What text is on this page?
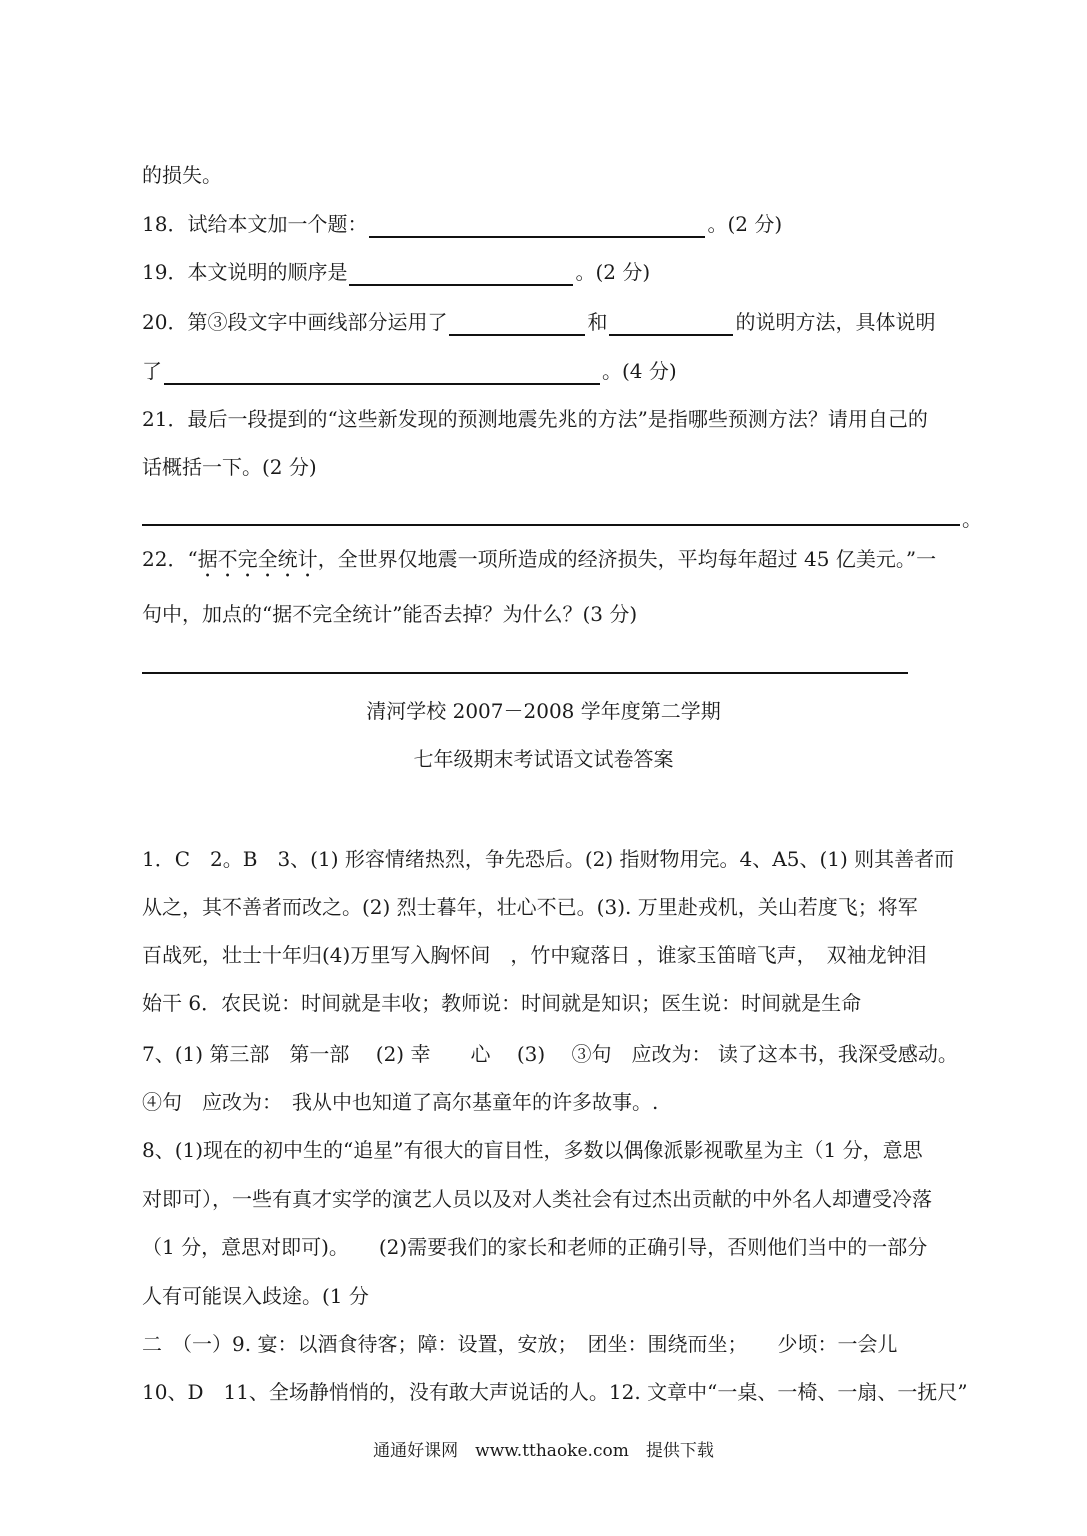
的损失。
18．试给本文加一个题：	。(2 分)
19．本文说明的顺序是	。(2 分)
20．第③段文字中画线部分运用了	和	的说明方法，具体说明
了	。(4 分)
21．最后一段提到的“这些新发现的预测地震先兆的方法”是指哪些预测方法？请用自己的
话概括一下。(2 分)
。
22．“据不完全统计，全世界仅地震一项所造成的经济损失，平均每年超过 45 亿美元。”一
句中，加点的“据不完全统计”能否去掉？为什么？(3 分)
清河学校 2007－2008 学年度第二学期
七年级期末考试语文试卷答案
1．C　2。B　3、(1) 形容情绪热烈，争先恐后。(2) 指财物用完。4、A5、(1) 则其善者而
从之，其不善者而改之。(2) 烈士暮年，壮心不已。(3). 万里赴戎机，关山若度飞；将军
百战死，壮士十年归(4)万里写入胸怀间　，竹中窥落日 ，谁家玉笛暗飞声，　双袖龙钟泪
始干 6．农民说：时间就是丰收；教师说：时间就是知识；医生说：时间就是生命
7、(1) 第三部　第一部　 (2) 幸　　心　 (3)　 ③句　应改为： 读了这本书，我深受感动。
④句　应改为：　我从中也知道了高尔基童年的许多故事。.
8、(1)现在的初中生的“追星”有很大的盲目性，多数以偶像派影视歌星为主（1 分，意思
对即可），一些有真才实学的演艺人员以及对人类社会有过杰出贡献的中外名人却遭受冷落
（1 分，意思对即可)。　　(2)需要我们的家长和老师的正确引导，否则他们当中的一部分
人有可能误入歧途。(1 分
二　（一）9. 宴：以酒食待客；障：设置，安放；　团坐：围绕而坐；　　少顷：一会儿
10、D　11、全场静悄悄的，没有敢大声说话的人。12. 文章中“一桌、一椅、一扇、一抚尺”
通通好课网　www.tthaoke.com　提供下载
